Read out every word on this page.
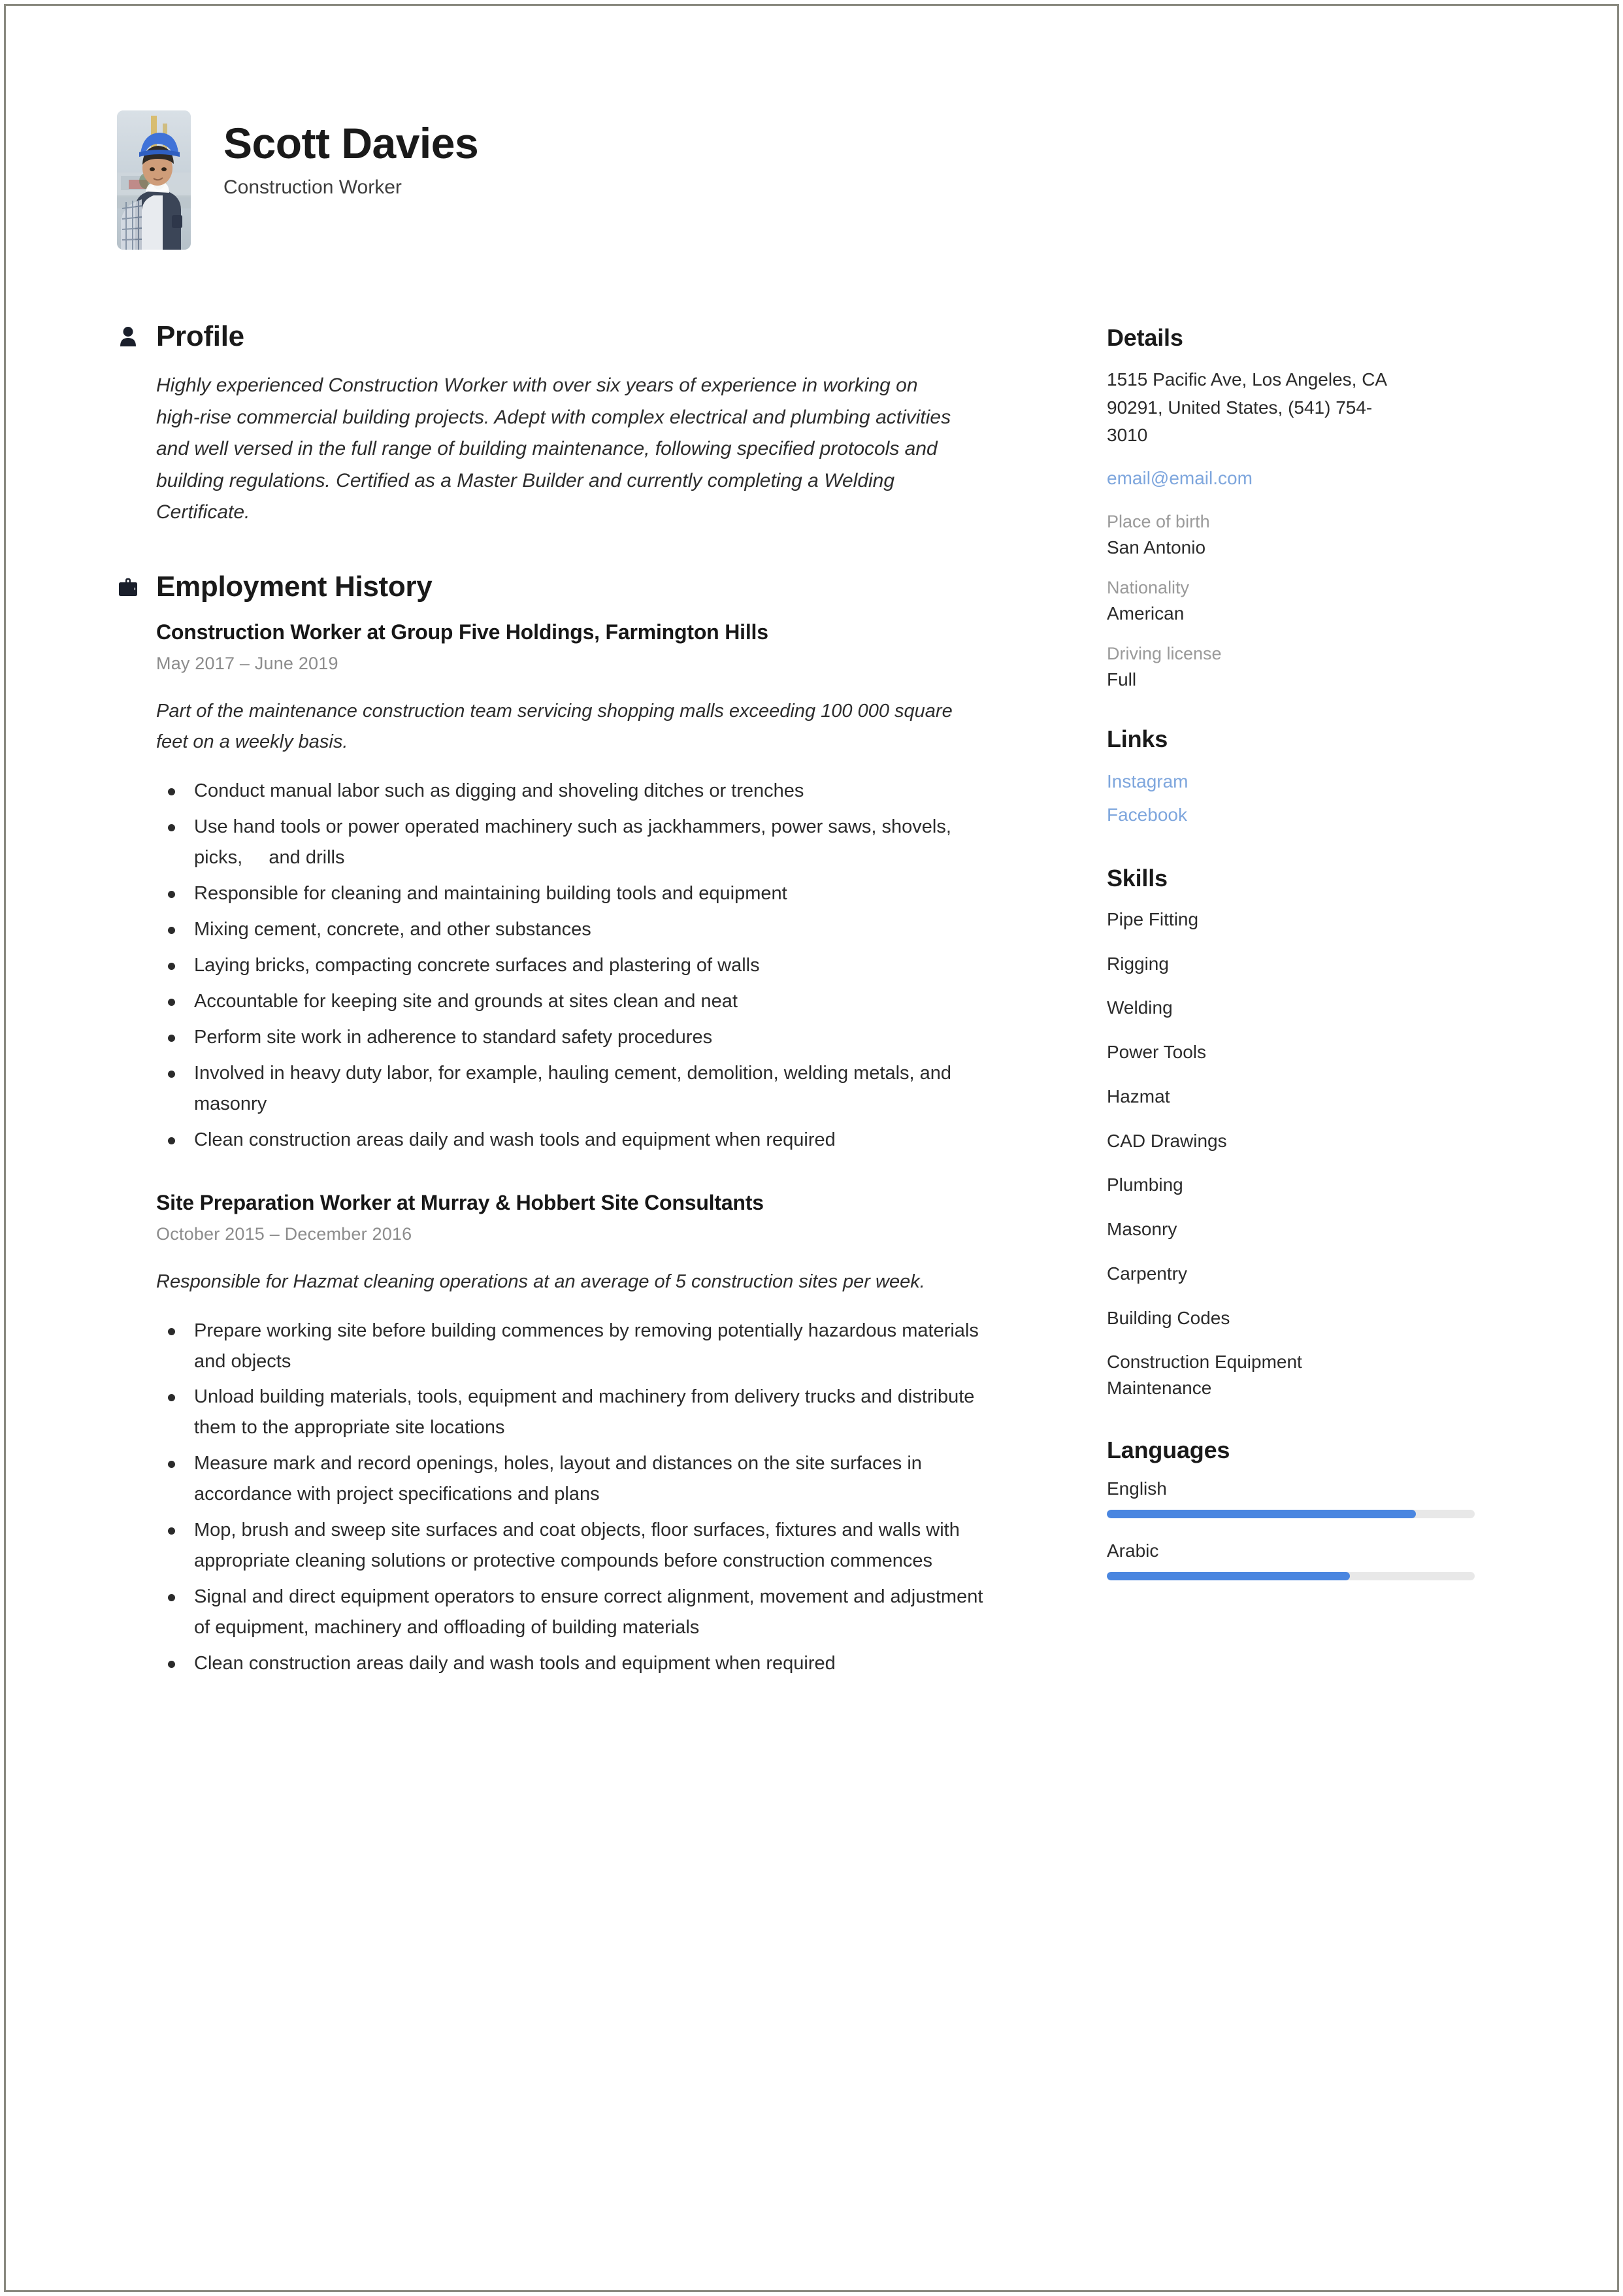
Scott Davies
Construction Worker
Profile
Highly experienced Construction Worker with over six years of experience in working on high-rise commercial building projects. Adept with complex electrical and plumbing activities and well versed in the full range of building maintenance, following specified protocols and building regulations. Certified as a Master Builder and currently completing a Welding Certificate.
Employment History
Construction Worker at Group Five Holdings, Farmington Hills
May 2017 – June 2019
Part of the maintenance construction team servicing shopping malls exceeding 100 000 square feet on a weekly basis.
Conduct manual labor such as digging and shoveling ditches or trenches
Use hand tools or power operated machinery such as jackhammers, power saws, shovels, picks,     and drills
Responsible for cleaning and maintaining building tools and equipment
Mixing cement, concrete, and other substances
Laying bricks, compacting concrete surfaces and plastering of walls
Accountable for keeping site and grounds at sites clean and neat
Perform site work in adherence to standard safety procedures
Involved in heavy duty labor, for example, hauling cement, demolition, welding metals, and masonry
Clean construction areas daily and wash tools and equipment when required
Site Preparation Worker at Murray & Hobbert Site Consultants
October 2015 – December 2016
Responsible for Hazmat cleaning operations at an average of 5 construction sites per week.
Prepare working site before building commences by removing potentially hazardous materials and objects
Unload building materials, tools, equipment and machinery from delivery trucks and distribute them to the appropriate site locations
Measure mark and record openings, holes, layout and distances on the site surfaces in accordance with project specifications and plans
Mop, brush and sweep site surfaces and coat objects, floor surfaces, fixtures and walls with appropriate cleaning solutions or protective compounds before construction commences
Signal and direct equipment operators to ensure correct alignment, movement and adjustment of equipment, machinery and offloading of building materials
Clean construction areas daily and wash tools and equipment when required
Details
1515 Pacific Ave, Los Angeles, CA 90291, United States, (541) 754-3010
email@email.com
Place of birth
San Antonio
Nationality
American
Driving license
Full
Links
Instagram
Facebook
Skills
Pipe Fitting
Rigging
Welding
Power Tools
Hazmat
CAD Drawings
Plumbing
Masonry
Carpentry
Building Codes
Construction Equipment Maintenance
Languages
English
Arabic
